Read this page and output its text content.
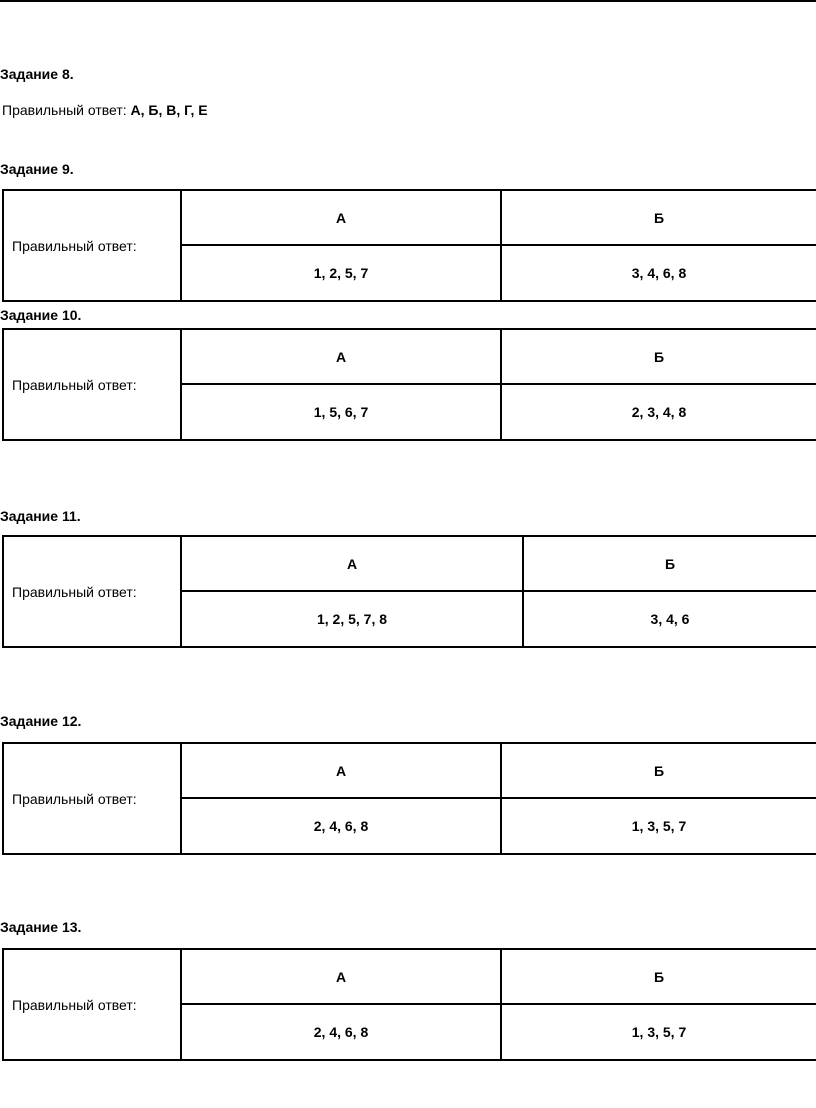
Задание 8.
Правильный ответ: А, Б, В, Г, Е
Задание 9.
Правильный ответ:
А	Б
1, 2, 5, 7	3, 4, 6, 8
Задание 10.
Правильный ответ:
А	Б
1, 5, 6, 7	2, 3, 4, 8
Задание 11.
Правильный ответ:
А	Б
1, 2, 5, 7, 8	3, 4, 6
Задание 12.
Правильный ответ:
А	Б
2, 4, 6, 8	1, 3, 5, 7
Задание 13.
Правильный ответ:
А	Б
2, 4, 6, 8	1, 3, 5, 7
